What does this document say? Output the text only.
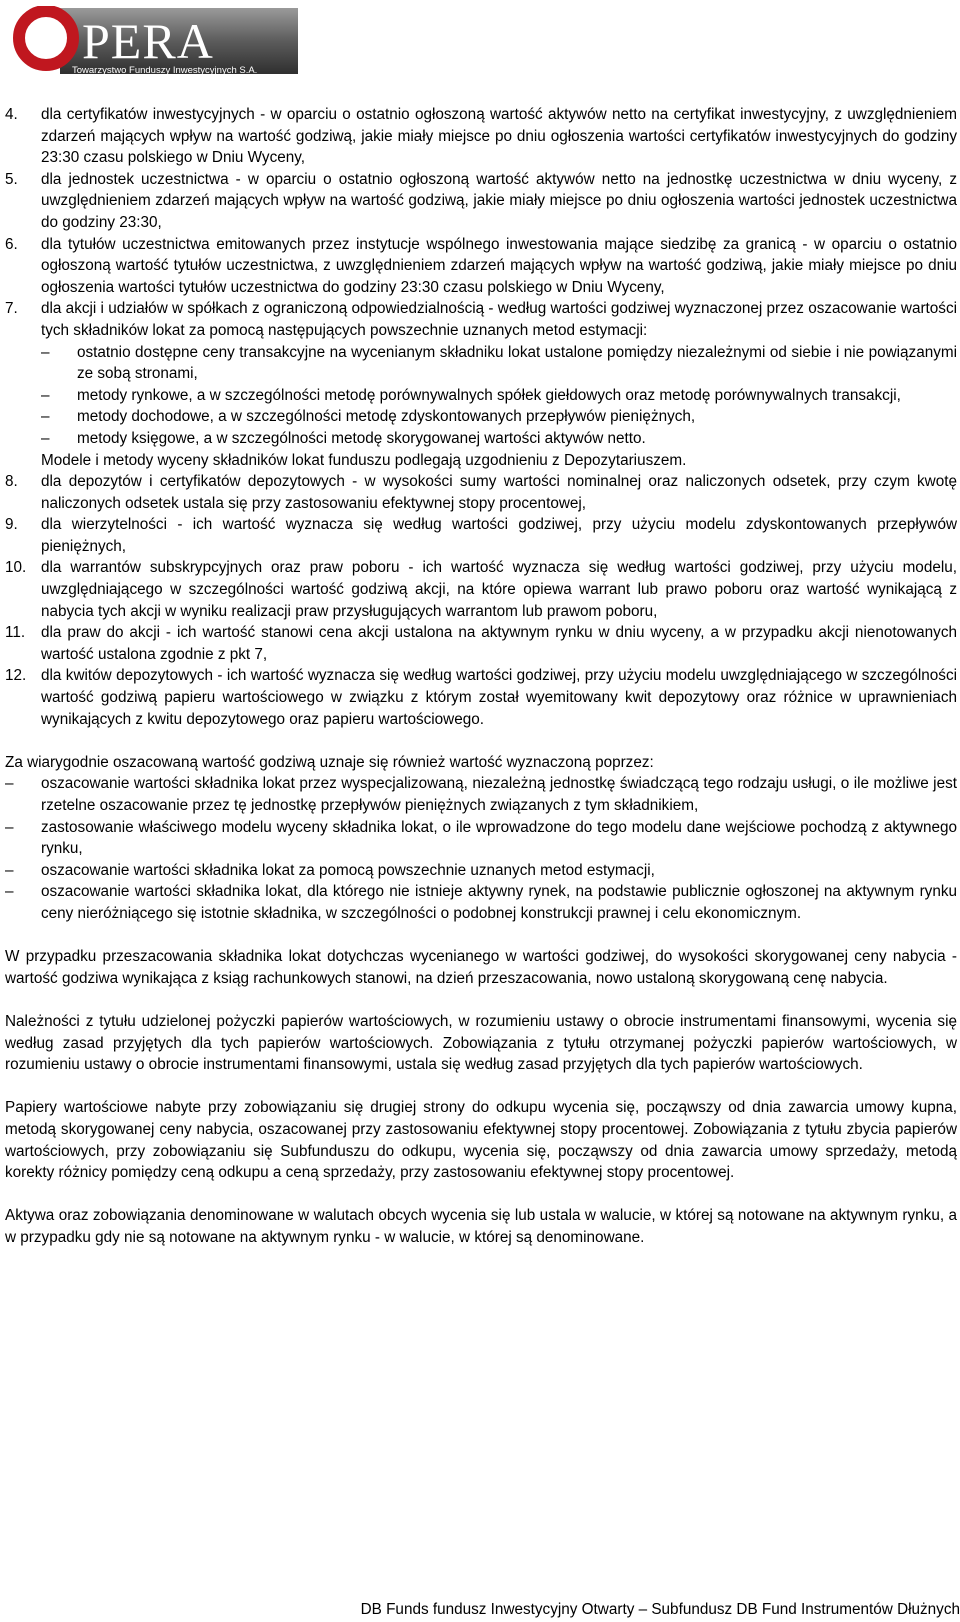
PERA
Towarzystwo Funduszy Inwestycyjnych S.A.
4.	dla certyfikatów inwestycyjnych - w oparciu o ostatnio ogłoszoną wartość aktywów netto na certyfikat inwestycyjny, z uwzględnieniem zdarzeń mających wpływ na wartość godziwą, jakie miały miejsce po dniu ogłoszenia wartości certyfikatów inwestycyjnych do godziny 23:30 czasu polskiego w Dniu Wyceny,
5.	dla jednostek uczestnictwa - w oparciu o ostatnio ogłoszoną wartość aktywów netto na jednostkę uczestnictwa w dniu wyceny, z uwzględnieniem zdarzeń mających wpływ na wartość godziwą, jakie miały miejsce po dniu ogłoszenia wartości jednostek uczestnictwa do godziny 23:30,
6.	dla tytułów uczestnictwa emitowanych przez instytucje wspólnego inwestowania mające siedzibę za granicą - w oparciu o ostatnio ogłoszoną wartość tytułów uczestnictwa, z uwzględnieniem zdarzeń mających wpływ na wartość godziwą, jakie miały miejsce po dniu ogłoszenia wartości tytułów uczestnictwa do godziny 23:30 czasu polskiego w Dniu Wyceny,
7.	dla akcji i udziałów w spółkach z ograniczoną odpowiedzialnością - według wartości godziwej wyznaczonej przez oszacowanie wartości tych składników lokat za pomocą następujących powszechnie uznanych metod estymacji:
–	ostatnio dostępne ceny transakcyjne na wycenianym składniku lokat ustalone pomiędzy niezależnymi od siebie i nie powiązanymi ze sobą stronami,
–	metody rynkowe, a w szczególności metodę porównywalnych spółek giełdowych oraz metodę porównywalnych transakcji,
–	metody dochodowe, a w szczególności metodę zdyskontowanych przepływów pieniężnych,
–	metody księgowe, a w szczególności metodę skorygowanej wartości aktywów netto.
Modele i metody wyceny składników lokat funduszu podlegają uzgodnieniu z Depozytariuszem.
8.	dla depozytów i certyfikatów depozytowych - w wysokości sumy wartości nominalnej oraz naliczonych odsetek, przy czym kwotę naliczonych odsetek ustala się przy zastosowaniu efektywnej stopy procentowej,
9.	dla wierzytelności - ich wartość wyznacza się według wartości godziwej, przy użyciu modelu zdyskontowanych przepływów pieniężnych,
10. dla warrantów subskrypcyjnych oraz praw poboru - ich wartość wyznacza się według wartości godziwej, przy użyciu modelu, uwzględniającego w szczególności wartość godziwą akcji, na które opiewa warrant lub prawo poboru oraz wartość wynikającą z nabycia tych akcji w wyniku realizacji praw przysługujących warrantom lub prawom poboru,
11.	dla praw do akcji - ich wartość stanowi cena akcji ustalona na aktywnym rynku w dniu wyceny, a w przypadku akcji nienotowanych wartość ustalona zgodnie z pkt 7,
12. dla kwitów depozytowych - ich wartość wyznacza się według wartości godziwej, przy użyciu modelu uwzględniającego w szczególności wartość godziwą papieru wartościowego w związku z którym został wyemitowany kwit depozytowy oraz różnice w uprawnieniach wynikających z kwitu depozytowego oraz papieru wartościowego.
Za wiarygodnie oszacowaną wartość godziwą uznaje się również wartość wyznaczoną poprzez:
–	oszacowanie wartości składnika lokat przez wyspecjalizowaną, niezależną jednostkę świadczącą tego rodzaju usługi, o ile możliwe jest rzetelne oszacowanie przez tę jednostkę przepływów pieniężnych związanych z tym składnikiem,
–	zastosowanie właściwego modelu wyceny składnika lokat, o ile wprowadzone do tego modelu dane wejściowe pochodzą z aktywnego rynku,
–	oszacowanie wartości składnika lokat za pomocą powszechnie uznanych metod estymacji,
–	oszacowanie wartości składnika lokat, dla którego nie istnieje aktywny rynek, na podstawie publicznie ogłoszonej na aktywnym rynku ceny nieróżniącego się istotnie składnika, w szczególności o podobnej konstrukcji prawnej i celu ekonomicznym.

W przypadku przeszacowania składnika lokat dotychczas wycenianego w wartości godziwej, do wysokości skorygowanej ceny nabycia - wartość godziwa wynikająca z ksiąg rachunkowych stanowi, na dzień przeszacowania, nowo ustaloną skorygowaną cenę nabycia.

Należności z tytułu udzielonej pożyczki papierów wartościowych, w rozumieniu ustawy o obrocie instrumentami finansowymi, wycenia się według zasad przyjętych dla tych papierów wartościowych. Zobowiązania z tytułu otrzymanej pożyczki papierów wartościowych, w rozumieniu ustawy o obrocie instrumentami finansowymi, ustala się według zasad przyjętych dla tych papierów wartościowych.

Papiery wartościowe nabyte przy zobowiązaniu się drugiej strony do odkupu wycenia się, począwszy od dnia zawarcia umowy kupna, metodą skorygowanej ceny nabycia, oszacowanej przy zastosowaniu efektywnej stopy procentowej. Zobowiązania z tytułu zbycia papierów wartościowych, przy zobowiązaniu się Subfunduszu do odkupu, wycenia się, począwszy od dnia zawarcia umowy sprzedaży, metodą korekty różnicy pomiędzy ceną odkupu a ceną sprzedaży, przy zastosowaniu efektywnej stopy procentowej.

Aktywa oraz zobowiązania denominowane w walutach obcych wycenia się lub ustala w walucie, w której są notowane na aktywnym rynku, a w przypadku gdy nie są notowane na aktywnym rynku - w walucie, w której są denominowane.

DB Funds fundusz Inwestycyjny Otwarty – Subfundusz DB Fund Instrumentów Dłużnych
